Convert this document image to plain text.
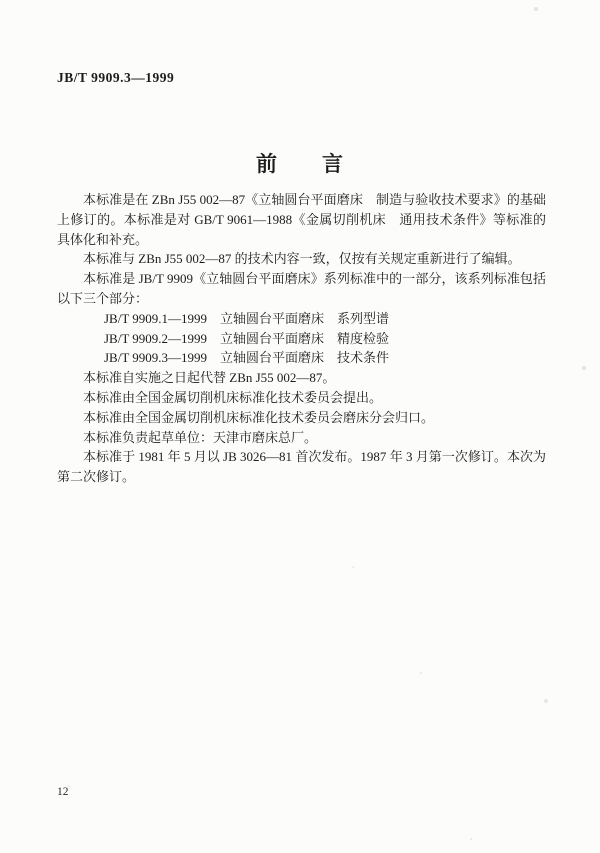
JB/T 9909.3—1999
前　　言

本标准是在 ZBn J55 002—87《立轴圆台平面磨床　制造与验收技术要求》的基础上修订的。本标准是对 GB/T 9061—1988《金属切削机床　通用技术条件》等标准的具体化和补充。

本标准与 ZBn J55 002—87 的技术内容一致，仅按有关规定重新进行了编辑。

本标准是 JB/T 9909《立轴圆台平面磨床》系列标准中的一部分，该系列标准包括以下三个部分：

JB/T 9909.1—1999　立轴圆台平面磨床　系列型谱

JB/T 9909.2—1999　立轴圆台平面磨床　精度检验

JB/T 9909.3—1999　立轴圆台平面磨床　技术条件

本标准自实施之日起代替 ZBn J55 002—87。

本标准由全国金属切削机床标准化技术委员会提出。

本标准由全国金属切削机床标准化技术委员会磨床分会归口。

本标准负责起草单位：天津市磨床总厂。

本标准于 1981 年 5 月以 JB 3026—81 首次发布。1987 年 3 月第一次修订。本次为第二次修订。

12
